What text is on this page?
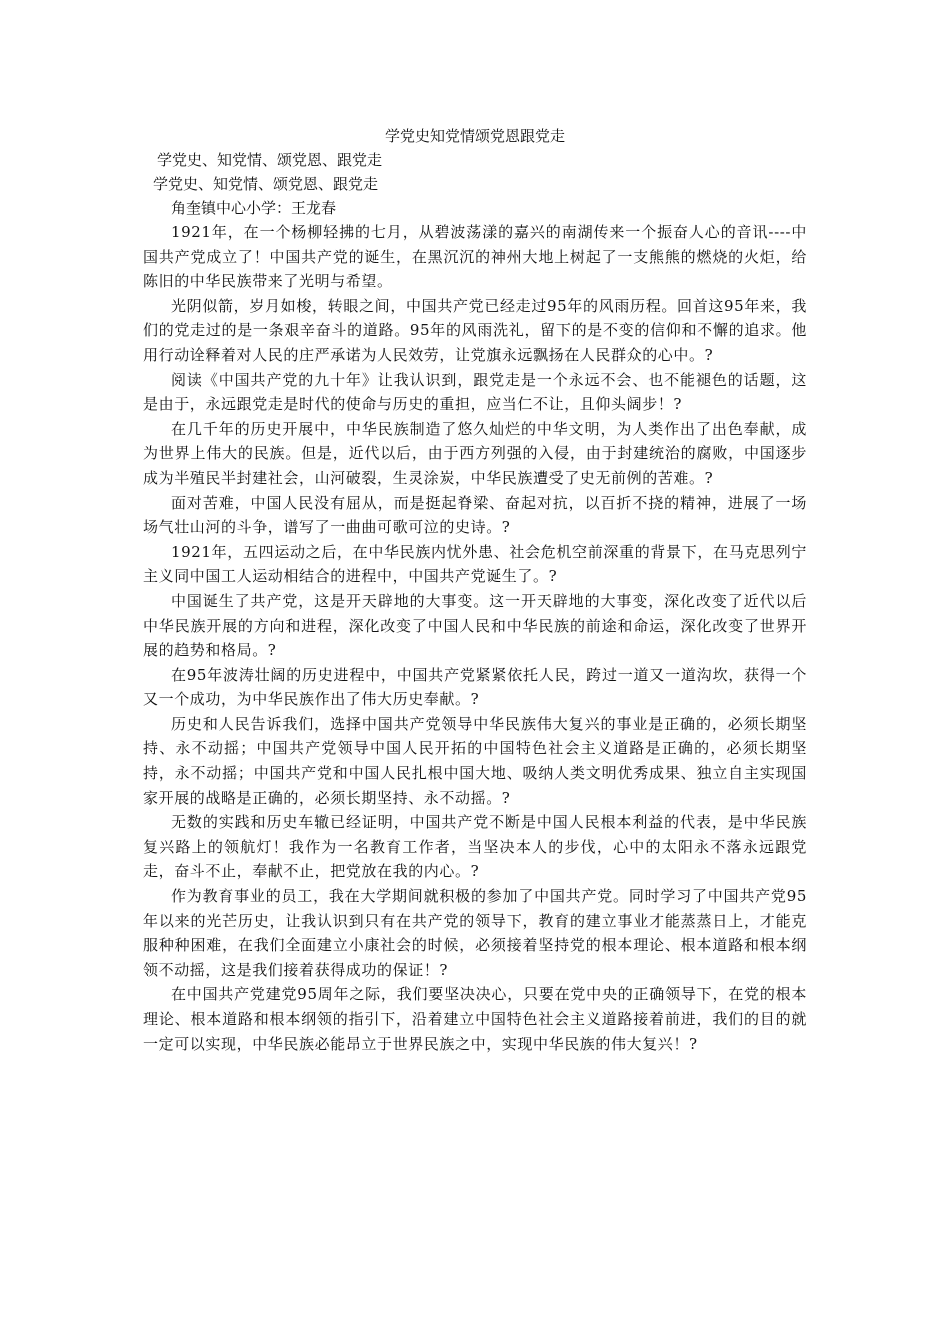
学党史知党情颂党恩跟党走

学党史、知党情、颂党恩、跟党走

学党史、知党情、颂党恩、跟党走

角奎镇中心小学：王龙春

1921年，在一个杨柳轻拂的七月，从碧波荡漾的嘉兴的南湖传来一个振奋人心的音讯----中国共产党成立了！中国共产党的诞生，在黑沉沉的神州大地上树起了一支熊熊的燃烧的火炬，给陈旧的中华民族带来了光明与希望。

光阴似箭，岁月如梭，转眼之间，中国共产党已经走过95年的风雨历程。回首这95年来，我们的党走过的是一条艰辛奋斗的道路。95年的风雨洗礼，留下的是不变的信仰和不懈的追求。他用行动诠释着对人民的庄严承诺为人民效劳，让党旗永远飘扬在人民群众的心中。?

阅读《中国共产党的九十年》让我认识到，跟党走是一个永远不会、也不能褪色的话题，这是由于，永远跟党走是时代的使命与历史的重担，应当仁不让，且仰头阔步！?

在几千年的历史开展中，中华民族制造了悠久灿烂的中华文明，为人类作出了出色奉献，成为世界上伟大的民族。但是，近代以后，由于西方列强的入侵，由于封建统治的腐败，中国逐步成为半殖民半封建社会，山河破裂，生灵涂炭，中华民族遭受了史无前例的苦难。?

面对苦难，中国人民没有屈从，而是挺起脊梁、奋起对抗，以百折不挠的精神，进展了一场场气壮山河的斗争，谱写了一曲曲可歌可泣的史诗。?

1921年，五四运动之后，在中华民族内忧外患、社会危机空前深重的背景下，在马克思列宁主义同中国工人运动相结合的进程中，中国共产党诞生了。?

中国诞生了共产党，这是开天辟地的大事变。这一开天辟地的大事变，深化改变了近代以后中华民族开展的方向和进程，深化改变了中国人民和中华民族的前途和命运，深化改变了世界开展的趋势和格局。?

在95年波涛壮阔的历史进程中，中国共产党紧紧依托人民，跨过一道又一道沟坎，获得一个又一个成功，为中华民族作出了伟大历史奉献。?

历史和人民告诉我们，选择中国共产党领导中华民族伟大复兴的事业是正确的，必须长期坚持、永不动摇；中国共产党领导中国人民开拓的中国特色社会主义道路是正确的，必须长期坚持，永不动摇；中国共产党和中国人民扎根中国大地、吸纳人类文明优秀成果、独立自主实现国家开展的战略是正确的，必须长期坚持、永不动摇。?

无数的实践和历史车辙已经证明，中国共产党不断是中国人民根本利益的代表，是中华民族复兴路上的领航灯！我作为一名教育工作者，当坚决本人的步伐，心中的太阳永不落永远跟党走，奋斗不止，奉献不止，把党放在我的内心。?

作为教育事业的员工，我在大学期间就积极的参加了中国共产党。同时学习了中国共产党95年以来的光芒历史，让我认识到只有在共产党的领导下，教育的建立事业才能蒸蒸日上，才能克服种种困难，在我们全面建立小康社会的时候，必须接着坚持党的根本理论、根本道路和根本纲领不动摇，这是我们接着获得成功的保证！?

在中国共产党建党95周年之际，我们要坚决决心，只要在党中央的正确领导下，在党的根本理论、根本道路和根本纲领的指引下，沿着建立中国特色社会主义道路接着前进，我们的目的就一定可以实现，中华民族必能昂立于世界民族之中，实现中华民族的伟大复兴！?
